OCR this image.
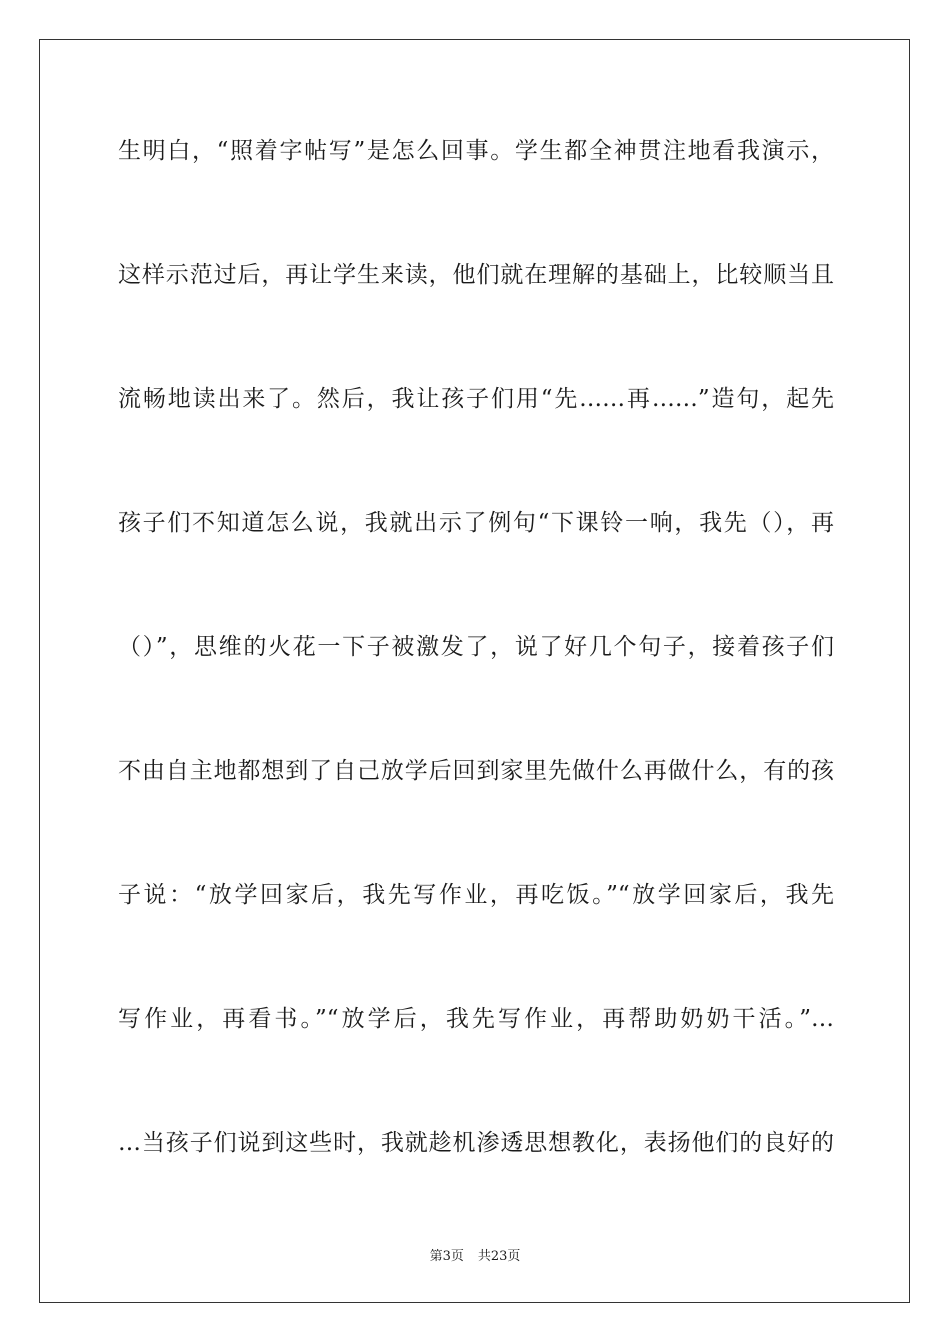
生明白，“照着字帖写”是怎么回事。学生都全神贯注地看我演示，
这样示范过后，再让学生来读，他们就在理解的基础上，比较顺当且
流畅地读出来了。然后，我让孩子们用“先……再……”造句，起先
孩子们不知道怎么说，我就出示了例句“下课铃一响，我先（），再
（）”，思维的火花一下子被激发了，说了好几个句子，接着孩子们
不由自主地都想到了自己放学后回到家里先做什么再做什么，有的孩
子说：“放学回家后，我先写作业，再吃饭。”“放学回家后，我先
写作业，再看书。”“放学后，我先写作业，再帮助奶奶干活。”…
…当孩子们说到这些时，我就趁机渗透思想教化，表扬他们的良好的
第3页 共23页
